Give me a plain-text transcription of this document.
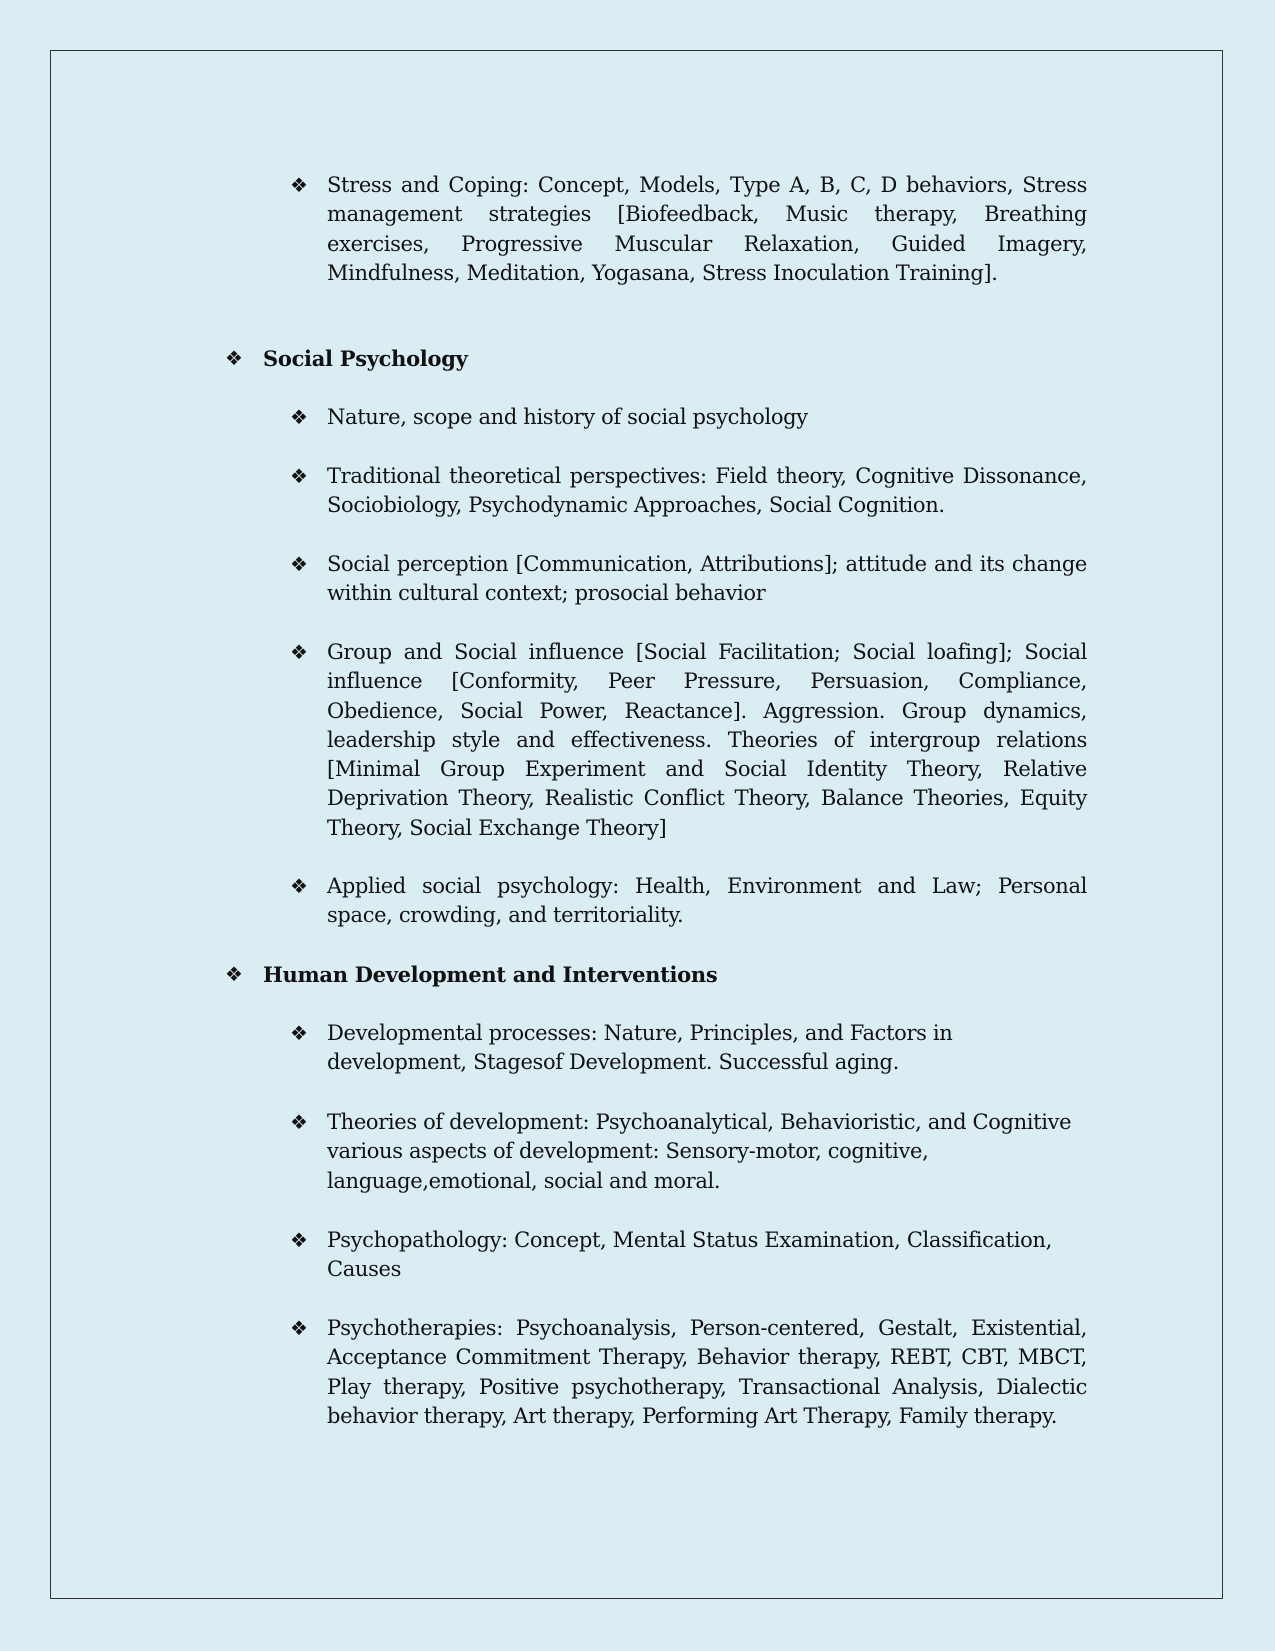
❖ Stress and Coping: Concept, Models, Type A, B, C, D behaviors, Stress management strategies [Biofeedback, Music therapy, Breathing exercises, Progressive Muscular Relaxation, Guided Imagery, Mindfulness, Meditation, Yogasana, Stress Inoculation Training].
❖ Social Psychology
❖ Nature, scope and history of social psychology
❖ Traditional theoretical perspectives: Field theory, Cognitive Dissonance, Sociobiology, Psychodynamic Approaches, Social Cognition.
❖ Social perception [Communication, Attributions]; attitude and its change within cultural context; prosocial behavior
❖ Group and Social influence [Social Facilitation; Social loafing]; Social influence [Conformity, Peer Pressure, Persuasion, Compliance, Obedience, Social Power, Reactance]. Aggression. Group dynamics, leadership style and effectiveness. Theories of intergroup relations [Minimal Group Experiment and Social Identity Theory, Relative Deprivation Theory, Realistic Conflict Theory, Balance Theories, Equity Theory, Social Exchange Theory]
❖ Applied social psychology: Health, Environment and Law; Personal space, crowding, and territoriality.
❖ Human Development and Interventions
❖ Developmental processes: Nature, Principles, and Factors in development, Stagesof Development. Successful aging.
❖ Theories of development: Psychoanalytical, Behavioristic, and Cognitive various aspects of development: Sensory-motor, cognitive, language,emotional, social and moral.
❖ Psychopathology: Concept, Mental Status Examination, Classification, Causes
❖ Psychotherapies: Psychoanalysis, Person-centered, Gestalt, Existential, Acceptance Commitment Therapy, Behavior therapy, REBT, CBT, MBCT, Play therapy, Positive psychotherapy, Transactional Analysis, Dialectic behavior therapy, Art therapy, Performing Art Therapy, Family therapy.
